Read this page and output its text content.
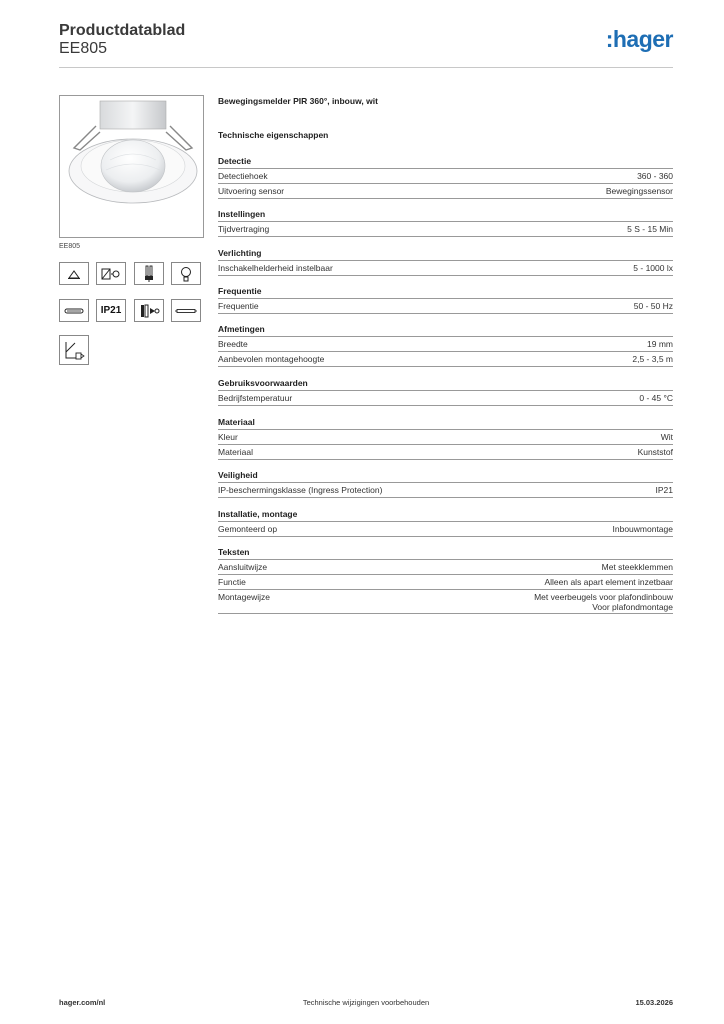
Productdatablad
EE805	:hager
EE805
IP21
Bewegingsmelder PIR 360°, inbouw, wit
Technische eigenschappen
Detectie
Detectiehoek	360 - 360
Uitvoering sensor	Bewegingssensor
Instellingen
Tijdvertraging	5 S - 15 Min
Verlichting
Inschakelhelderheid instelbaar	5 - 1000 lx
Frequentie
Frequentie	50 - 50 Hz
Afmetingen
Breedte	19 mm
Aanbevolen montagehoogte	2,5 - 3,5 m
Gebruiksvoorwaarden
Bedrijfstemperatuur	0 - 45 °C
Materiaal
Kleur	Wit
Materiaal	Kunststof
Veiligheid
IP-beschermingsklasse (Ingress Protection)	IP21
Installatie, montage
Gemonteerd op	Inbouwmontage
Teksten
Aansluitwijze	Met steekklemmen
Functie	Alleen als apart element inzetbaar
Montagewijze	Met veerbeugels voor plafondinbouw
Voor plafondmontage
hager.com/nl	Technische wijzigingen voorbehouden	15.03.2026
